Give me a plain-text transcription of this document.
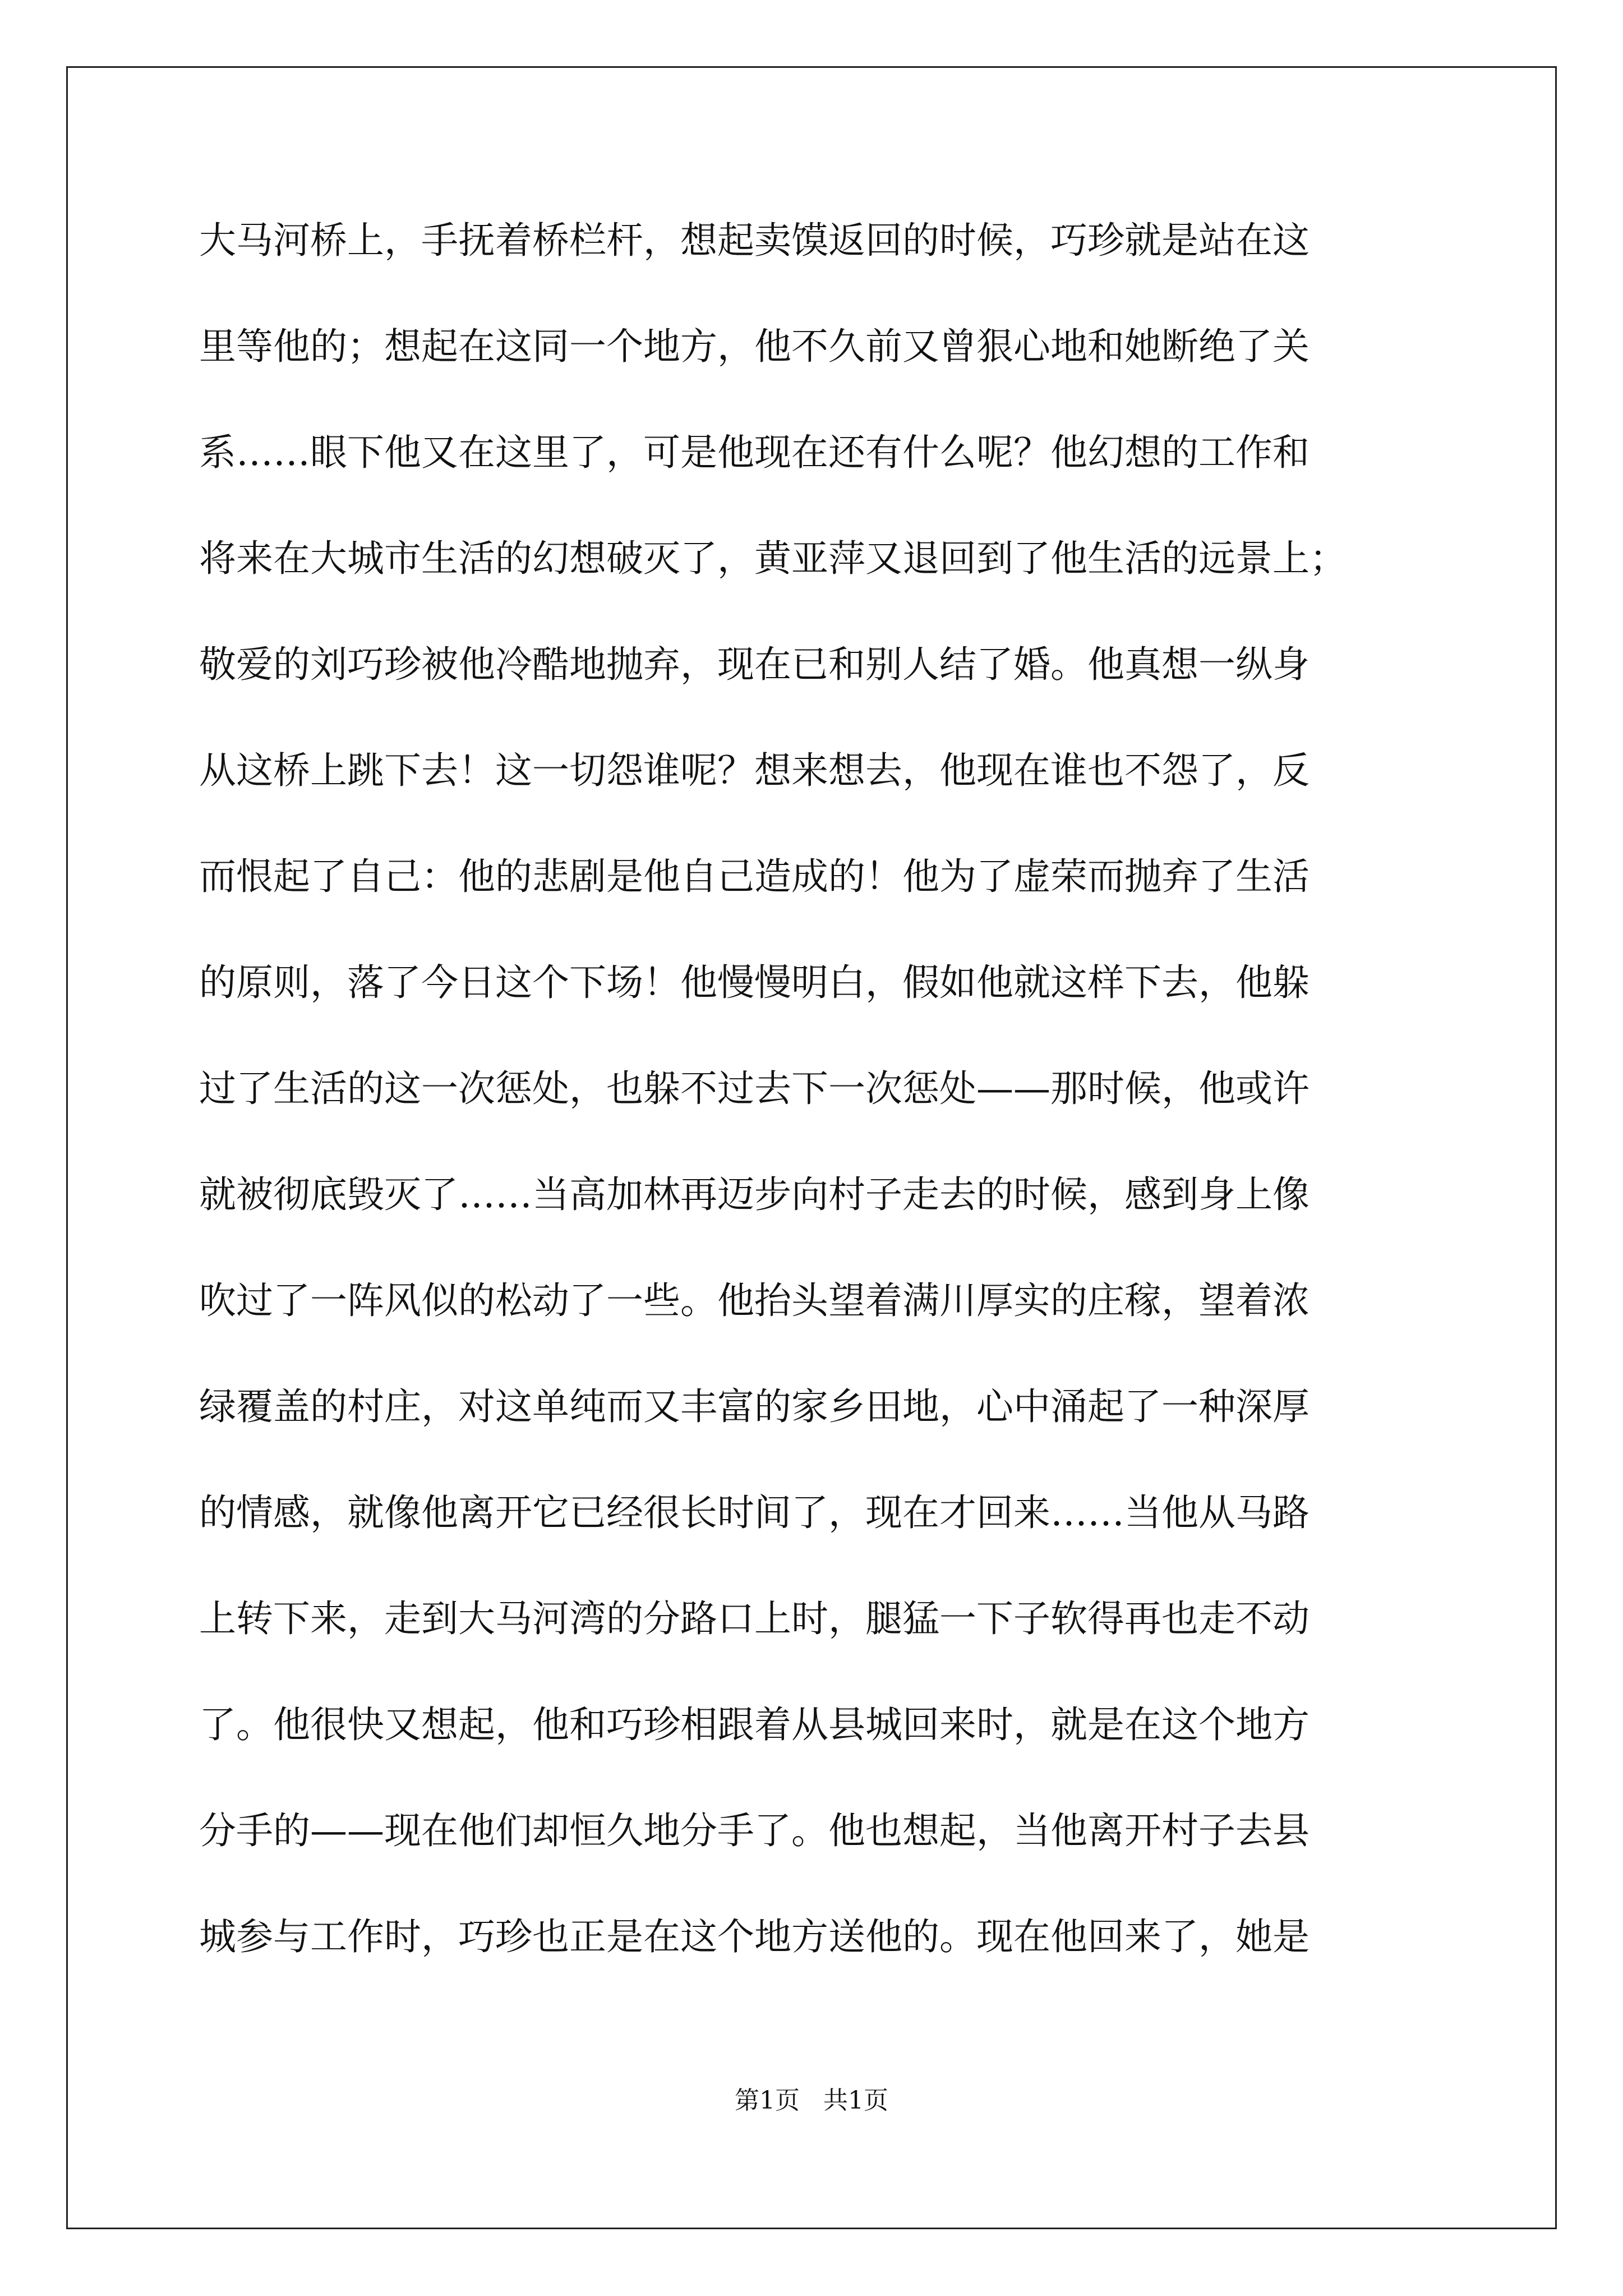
大马河桥上，手抚着桥栏杆，想起卖馍返回的时候，巧珍就是站在这
里等他的；想起在这同一个地方，他不久前又曾狠心地和她断绝了关
系……眼下他又在这里了，可是他现在还有什么呢？他幻想的工作和
将来在大城市生活的幻想破灭了，黄亚萍又退回到了他生活的远景上；
敬爱的刘巧珍被他冷酷地抛弃，现在已和别人结了婚。他真想一纵身
从这桥上跳下去！这一切怨谁呢？想来想去，他现在谁也不怨了，反
而恨起了自己：他的悲剧是他自己造成的！他为了虚荣而抛弃了生活
的原则，落了今日这个下场！他慢慢明白，假如他就这样下去，他躲
过了生活的这一次惩处，也躲不过去下一次惩处——那时候，他或许
就被彻底毁灭了……当高加林再迈步向村子走去的时候，感到身上像
吹过了一阵风似的松动了一些。他抬头望着满川厚实的庄稼，望着浓
绿覆盖的村庄，对这单纯而又丰富的家乡田地，心中涌起了一种深厚
的情感，就像他离开它已经很长时间了，现在才回来……当他从马路
上转下来，走到大马河湾的分路口上时，腿猛一下子软得再也走不动
了。他很快又想起，他和巧珍相跟着从县城回来时，就是在这个地方
分手的——现在他们却恒久地分手了。他也想起，当他离开村子去县
城参与工作时，巧珍也正是在这个地方送他的。现在他回来了，她是
第1页   共1页
